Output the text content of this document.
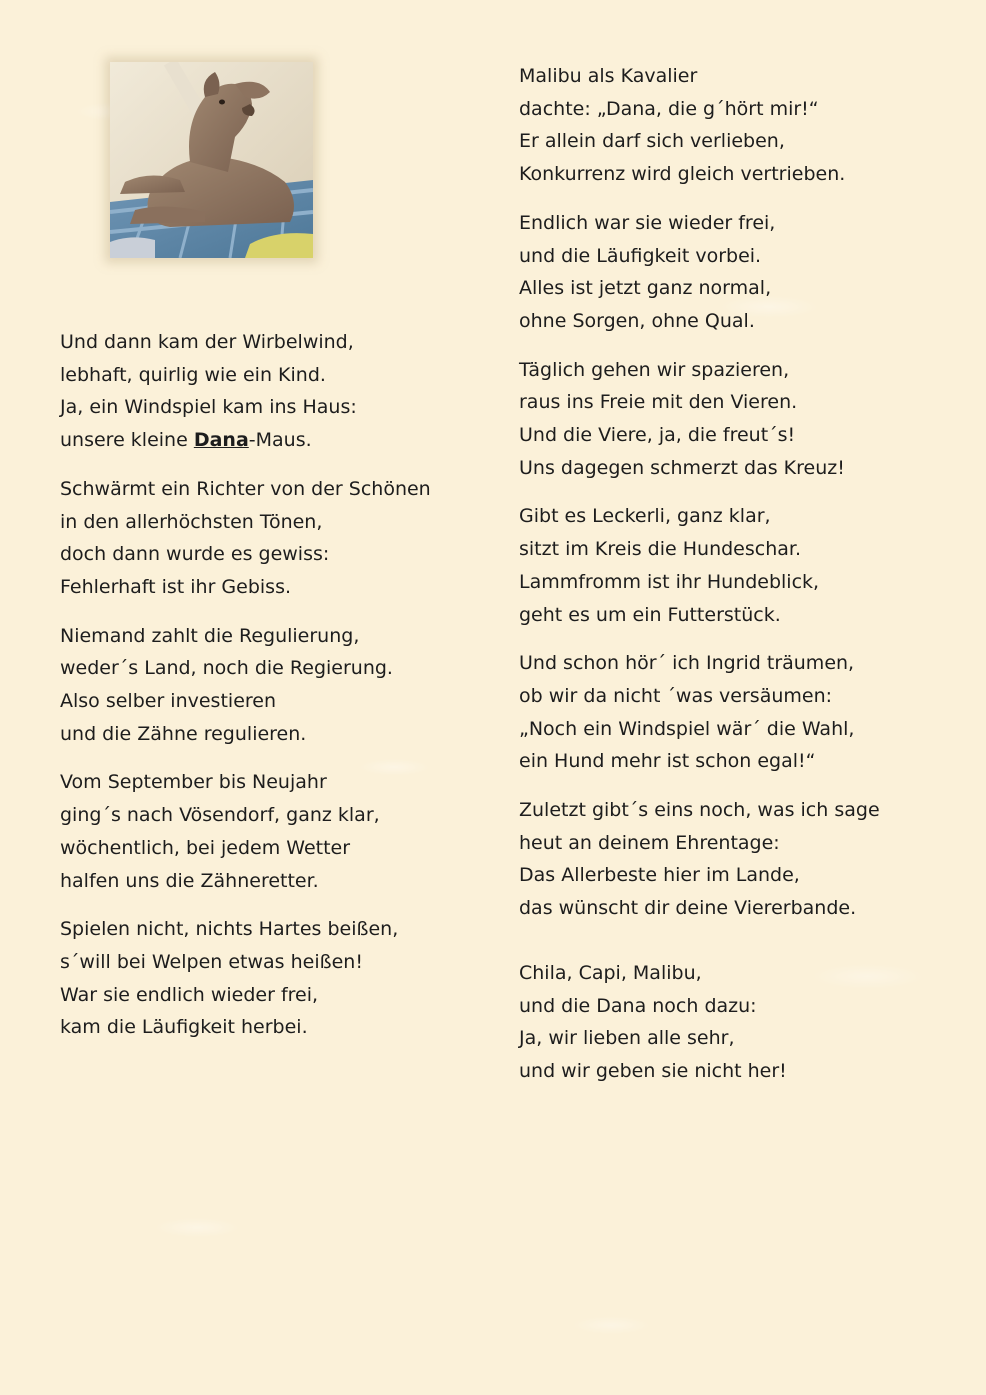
Und dann kam der Wirbelwind,
lebhaft, quirlig wie ein Kind.
Ja, ein Windspiel kam ins Haus:
unsere kleine Dana-Maus.
Schwärmt ein Richter von der Schönen
in den allerhöchsten Tönen,
doch dann wurde es gewiss:
Fehlerhaft ist ihr Gebiss.
Niemand zahlt die Regulierung,
weder´s Land, noch die Regierung.
Also selber investieren
und die Zähne regulieren.
Vom September bis Neujahr
ging´s nach Vösendorf, ganz klar,
wöchentlich, bei jedem Wetter
halfen uns die Zähneretter.
Spielen nicht, nichts Hartes beißen,
s´will bei Welpen etwas heißen!
War sie endlich wieder frei,
kam die Läufigkeit herbei.
Malibu als Kavalier
dachte: „Dana, die g´hört mir!“
Er allein darf sich verlieben,
Konkurrenz wird gleich vertrieben.
Endlich war sie wieder frei,
und die Läufigkeit vorbei.
Alles ist jetzt ganz normal,
ohne Sorgen, ohne Qual.
Täglich gehen wir spazieren,
raus ins Freie mit den Vieren.
Und die Viere, ja, die freut´s!
Uns dagegen schmerzt das Kreuz!
Gibt es Leckerli, ganz klar,
sitzt im Kreis die Hundeschar.
Lammfromm ist ihr Hundeblick,
geht es um ein Futterstück.
Und schon hör´ ich Ingrid träumen,
ob wir da nicht ´was versäumen:
„Noch ein Windspiel wär´ die Wahl,
ein Hund mehr ist schon egal!“
Zuletzt gibt´s eins noch, was ich sage
heut an deinem Ehrentage:
Das Allerbeste hier im Lande,
das wünscht dir deine Viererbande.
Chila, Capi, Malibu,
und die Dana noch dazu:
Ja, wir lieben alle sehr,
und wir geben sie nicht her!
